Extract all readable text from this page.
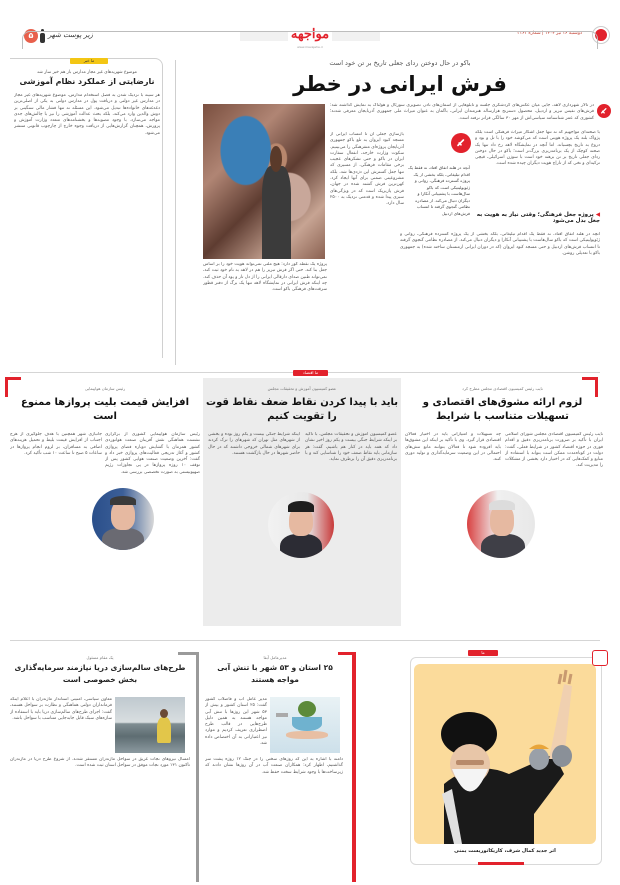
دوشنبه ۱۶ تیر ۱۴۰۴ | شماره ۳۱۶۳
مواجهه
www.mavajehe.ir
زیر پوست شهر
۵
ما خبر
موضوع شهریه‌های غیر مجاز مدارس باز هم خبر ساز شد
نارضایتی از عملکرد نظام آموزشی
هر سینه با نزدیک شدن به فصل استخدام مدارس، موضوع شهریه‌های غیر مجاز در مدارس غیر دولتی و دریافت پول در مدارس دولتی به یکی از اصلی‌ترین دغدغه‌های خانواده‌ها تبدیل می‌شود. این مسئله نه تنها فشار مالی سنگینی بر دوش والدین وارد می‌کند، بلکه بحث عدالت آموزشی را نیز با چالش‌های جدی مواجه می‌سازد. با وجود مصوبه‌ها و بخشنامه‌های متعدد وزارت آموزش و پرورش، همچنان گزارش‌هایی از دریافت وجوه خارج از چارچوب قانونی منتشر می‌شود.
باکو در حال دوختن ردای جعلی تاریخ بر تن خود است
فرش ایرانی در خطر
در تالار شهرداری لاهه، جایی میان عکس‌های گردشگری جلسه و تابلوهایی از آسمان‌های نادر، تصویری سورئال و هولناک به نمایش گذاشته شد: فرش‌های نفیس تبریز و اردبیل، محصول دسترنج هزارساله هنرمندان ایرانی، با‌گمان به عنوان میراث ملی جمهوری آذربایجان معرفی شدند؛ کشوری که عمر شناسنامه سیاسی‌اش از مهر ۳۰ سالگی فراتر نرفته است.
با صحنه‌ای مواجهیم که نه تنها جعل آشکار میراث فرهنگی است بلکه پژواک بلند یک پروژه هویتی است که می‌کوشد خود را با تل و بود و دروغ به تاریخ بچسباند. اما آنچه در نمایشگاه لاهه رخ داد تنها یک صحنه کوچک از یک برنامه‌ریزی بزرگ‌تر است؛ باکو در حال دوختن ردای جعلی تاریخ بر تن برهنه خود است با سوزن اسرائیلی، قیچی ترکیه‌ای و نخی که از تاراج هویت دیگران چیده شده است.
◀ پروژه جعل فرهنگی؛ وقتی نیاز به هویت به جعل بدل می‌شود
آنچه در هلند اتفاق افتاد، نه فقط یک اقدام تبلیغاتی، بلکه بخشی از یک پروژه گسترده فرهنگی، روانی و ژئوپولیتیکی است که باکو سال‌هاست با پشتیبانی آنکارا و دیگران دنبال می‌کند. از مصادره نظامی گنجوی گرفته تا انتساب فرش‌های اردبیل و حتی مسجد کبود ایروان (که در دوران ایرانی ارمنستان ساخته شده) به جمهوری باکو با تعدیلی روشن.
آنچه در هلند اتفاق افتاد، نه فقط یک اقدام تبلیغاتی، بلکه بخشی از یک پروژه گسترده فرهنگی، روانی و ژئوپولیتیکی است که باکو سال‌هاست با پشتیبانی آنکارا و دیگران دنبال می‌کند. از مصادره نظامی گنجوی گرفته تا انتساب فرش‌های اردبیل
بازسازی جعلی آن تا انتساب ایرانی از مسجد کبود ایروان به تلع باکو جمهوری آذربایجان پروژه‌ای متفرهنگی را می‌بینیم. سکوت وزارت خارجه، انفعال سفارت ایران در باکو و حتی تشکرهای عجیب برخی مقامات فرهنگی، از مسیری که تنها جعل گسترش این دزدی‌ها شد، بلکه مشروعیتی ضمنی برای آنها ایجاد کرد. کهن‌ترین فرش گشته شده در جهان، فرش پازیریک است که در ویژگی‌های سبزی پیدا شده و قدمتی نزدیک به ۲۵۰۰ سال دارد.
پروژه یک نقطه کور دارد: هیچ ملتی نمی‌تواند هویت خود را بر اساس جعل بنا کند. حتی اگر فرش تبریز را هم در لاهه به نام خود ثبت کند، نمی‌تواند طنین صدای دارقالی ایرانی را از دل تار و پود آن حذف کند. چه اینکه فرش ایرانی در نمایشگاه لاهه تنها یک برگ از دفتر قطور سرقت‌های فرهنگی باکو است.
ما اقتصاد
نایب رئیس کمیسیون اقتصادی مجلس مطرح کرد
لزوم ارائه مشوق‌های اقتصادی و تسهیلات متناسب با شرایط
نایب رئیس کمیسیون اقتصادی مجلس شورای اسلامی ایران با تأکید بر ضرورت برنامه‌ریزی دقیق و اقدام فوری در حوزه اقتصاد کشور در شرایط فعلی، گفت: دولت در کوتاه‌مدت ممکن است بتواند با استفاده از منابع و کمک‌هایی که در اختیار دارد بخشی از مشکلات را مدیریت کند.
چه تسهیلات و امتیازاتی باید در اختیار فعالان اقتصادی قرار گیرد. وی با تأکید بر اینکه این مشوق‌ها باید افزوده شود تا فعالان بتوانند مانع تنش‌های احتمالی در این وضعیت سرمایه‌گذاری و تولید دوری کنند.
عضو کمیسیون آموزش و تحقیقات مجلس
باید با پیدا کردن نقاط ضعف نقاط قوت را تقویت کنیم
عضو کمیسیون آموزش و تحقیقات مجلس، با تأکید بر اینکه شرایط جنگی بیست و یکم روز اخیر نشان داد که همه باید در کنار هم باشیم، گفت: هر سازمانی باید نقاط ضعف خود را شناسایی کند و با برنامه‌ریزی دقیق آن را برطرف نماید.
اینکه شرایط جنگی بیست و یکم روز بوده و بخشی از شهرهای مثل تهران که شهرهای را ترک کردند برای شهرهای شمالی خروجی داشتند که در حال حاضر شهرها در حال بازگشت هستند.
رئیس سازمان هواپیمایی
افزایش قیمت بلیت پروازها ممنوع است
رئیس سازمان هواپیمایی کشوری از برگزاری نشست هماهنگی نقش آفرینان صنعت هوانوردی کشور همزمان با گشایش دوباره فضای پروازی کشور و آغاز تدریجی فعالیت‌های پروازی خبر داد و گفت: آخرین وضعیت صنعت هوایی کشور پس از توقف ۱۰ روزه پروازها در پی تجاوزات رژیم صهیونیستی به صورت تخصصی بررسی شد.
جانبازی شهر همچنین با هدف جلوگیری از هرج اجتناب از افزایش قیمت بلیط و تحمیل هزینه‌های اضافی به مسافران، بر لزوم انجام پروازها در ساعات ۵ صبح تا ساعت ۱۰ شب تأکید کرد.
ما کاریکاتور
اثر جدید کمال شرف، کاریکاتوریست یمنی
مدیرعامل آبفا
۲۵ استان و ۵۳ شهر با تنش آبی مواجه هستند
مدیر عامل آب و فاضلاب کشور گفت: ۲۵ استان کشور و بیش از ۵۳ شهر این روزها با تنش آبی مواجه هستند به همین دلیل طرح‌هایی در قالب طرح اضطراری تعریف کردیم و موارد نیز اعتباراتی به آن اختصاص داده شد.
دامنه با اشاره به این که روزهای سختی را در جنگ ۱۲ روزه پشت سر گذاشتیم، اظهار کرد: همکاران صنعت آب در آن روزها نشان دادند که زیرساخت‌ها با وجود شرایط سخت حفظ شد.
یک مقام مسئول
طرح‌های سالم‌سازی دریا نیازمند سرمایه‌گذاری بخش خصوصی است
معاون سیاسی، امنیتی استاندار مازندران با اعلام اینکه فرمانداران دولتی هماهنگی و نظارت بر سواحل هستند، گفت: اجرای طرح‌های سالم‌سازی دریا باید با استفاده از سازه‌های سبک قابل جابه‌جایی متناسب با سواحل باشد.
امسال نیروهای نجات غریق در سواحل مازندران مستقر شدند. از شروع طرح دریا در مازندران تاکنون ۱۳۱ مورد نجات موفق در سواحل استان ثبت شده است.
